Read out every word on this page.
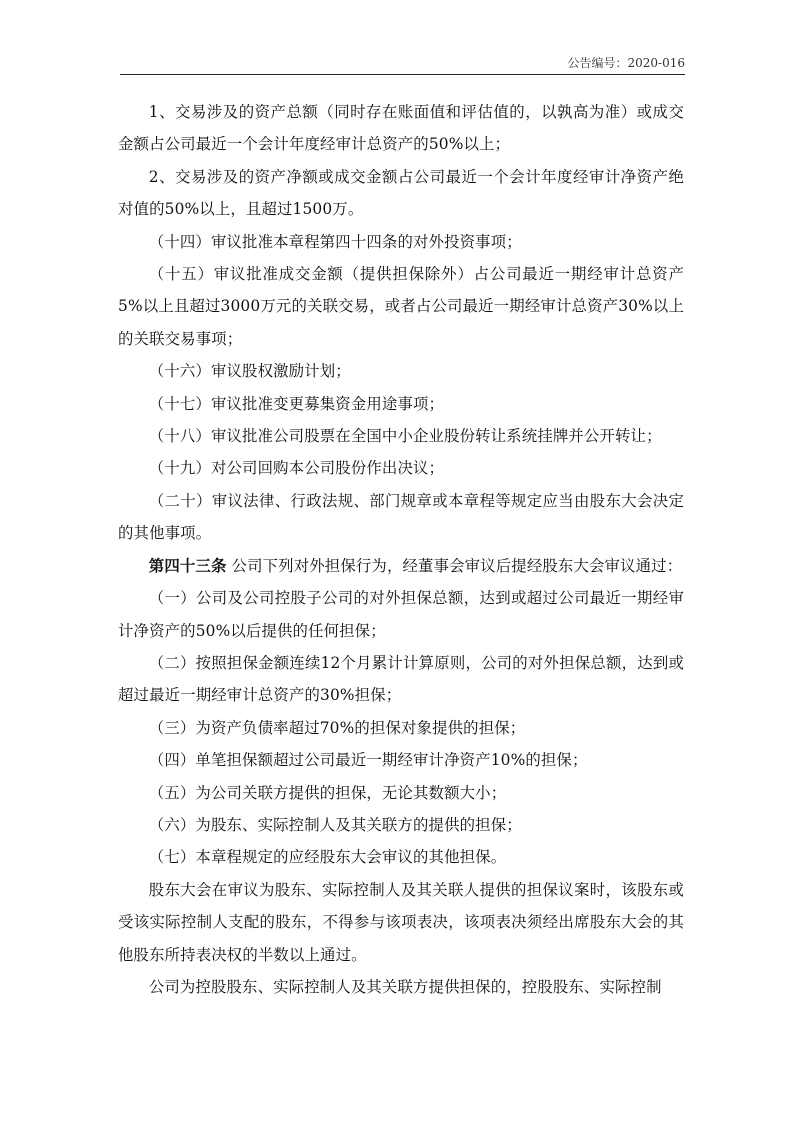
公告编号：2020-016

1、交易涉及的资产总额（同时存在账面值和评估值的，以孰高为准）或成交金额占公司最近一个会计年度经审计总资产的50%以上；

2、交易涉及的资产净额或成交金额占公司最近一个会计年度经审计净资产绝对值的50%以上，且超过1500万。

（十四）审议批准本章程第四十四条的对外投资事项；

（十五）审议批准成交金额（提供担保除外）占公司最近一期经审计总资产5%以上且超过3000万元的关联交易，或者占公司最近一期经审计总资产30%以上的关联交易事项；

（十六）审议股权激励计划；

（十七）审议批准变更募集资金用途事项；

（十八）审议批准公司股票在全国中小企业股份转让系统挂牌并公开转让；

（十九）对公司回购本公司股份作出决议；

（二十）审议法律、行政法规、部门规章或本章程等规定应当由股东大会决定的其他事项。

第四十三条 公司下列对外担保行为，经董事会审议后提经股东大会审议通过：

（一）公司及公司控股子公司的对外担保总额，达到或超过公司最近一期经审计净资产的50%以后提供的任何担保；

（二）按照担保金额连续12个月累计计算原则，公司的对外担保总额，达到或超过最近一期经审计总资产的30%担保；

（三）为资产负债率超过70%的担保对象提供的担保；

（四）单笔担保额超过公司最近一期经审计净资产10%的担保；

（五）为公司关联方提供的担保，无论其数额大小；

（六）为股东、实际控制人及其关联方的提供的担保；

（七）本章程规定的应经股东大会审议的其他担保。

股东大会在审议为股东、实际控制人及其关联人提供的担保议案时，该股东或受该实际控制人支配的股东，不得参与该项表决，该项表决须经出席股东大会的其他股东所持表决权的半数以上通过。

公司为控股股东、实际控制人及其关联方提供担保的，控股股东、实际控制
